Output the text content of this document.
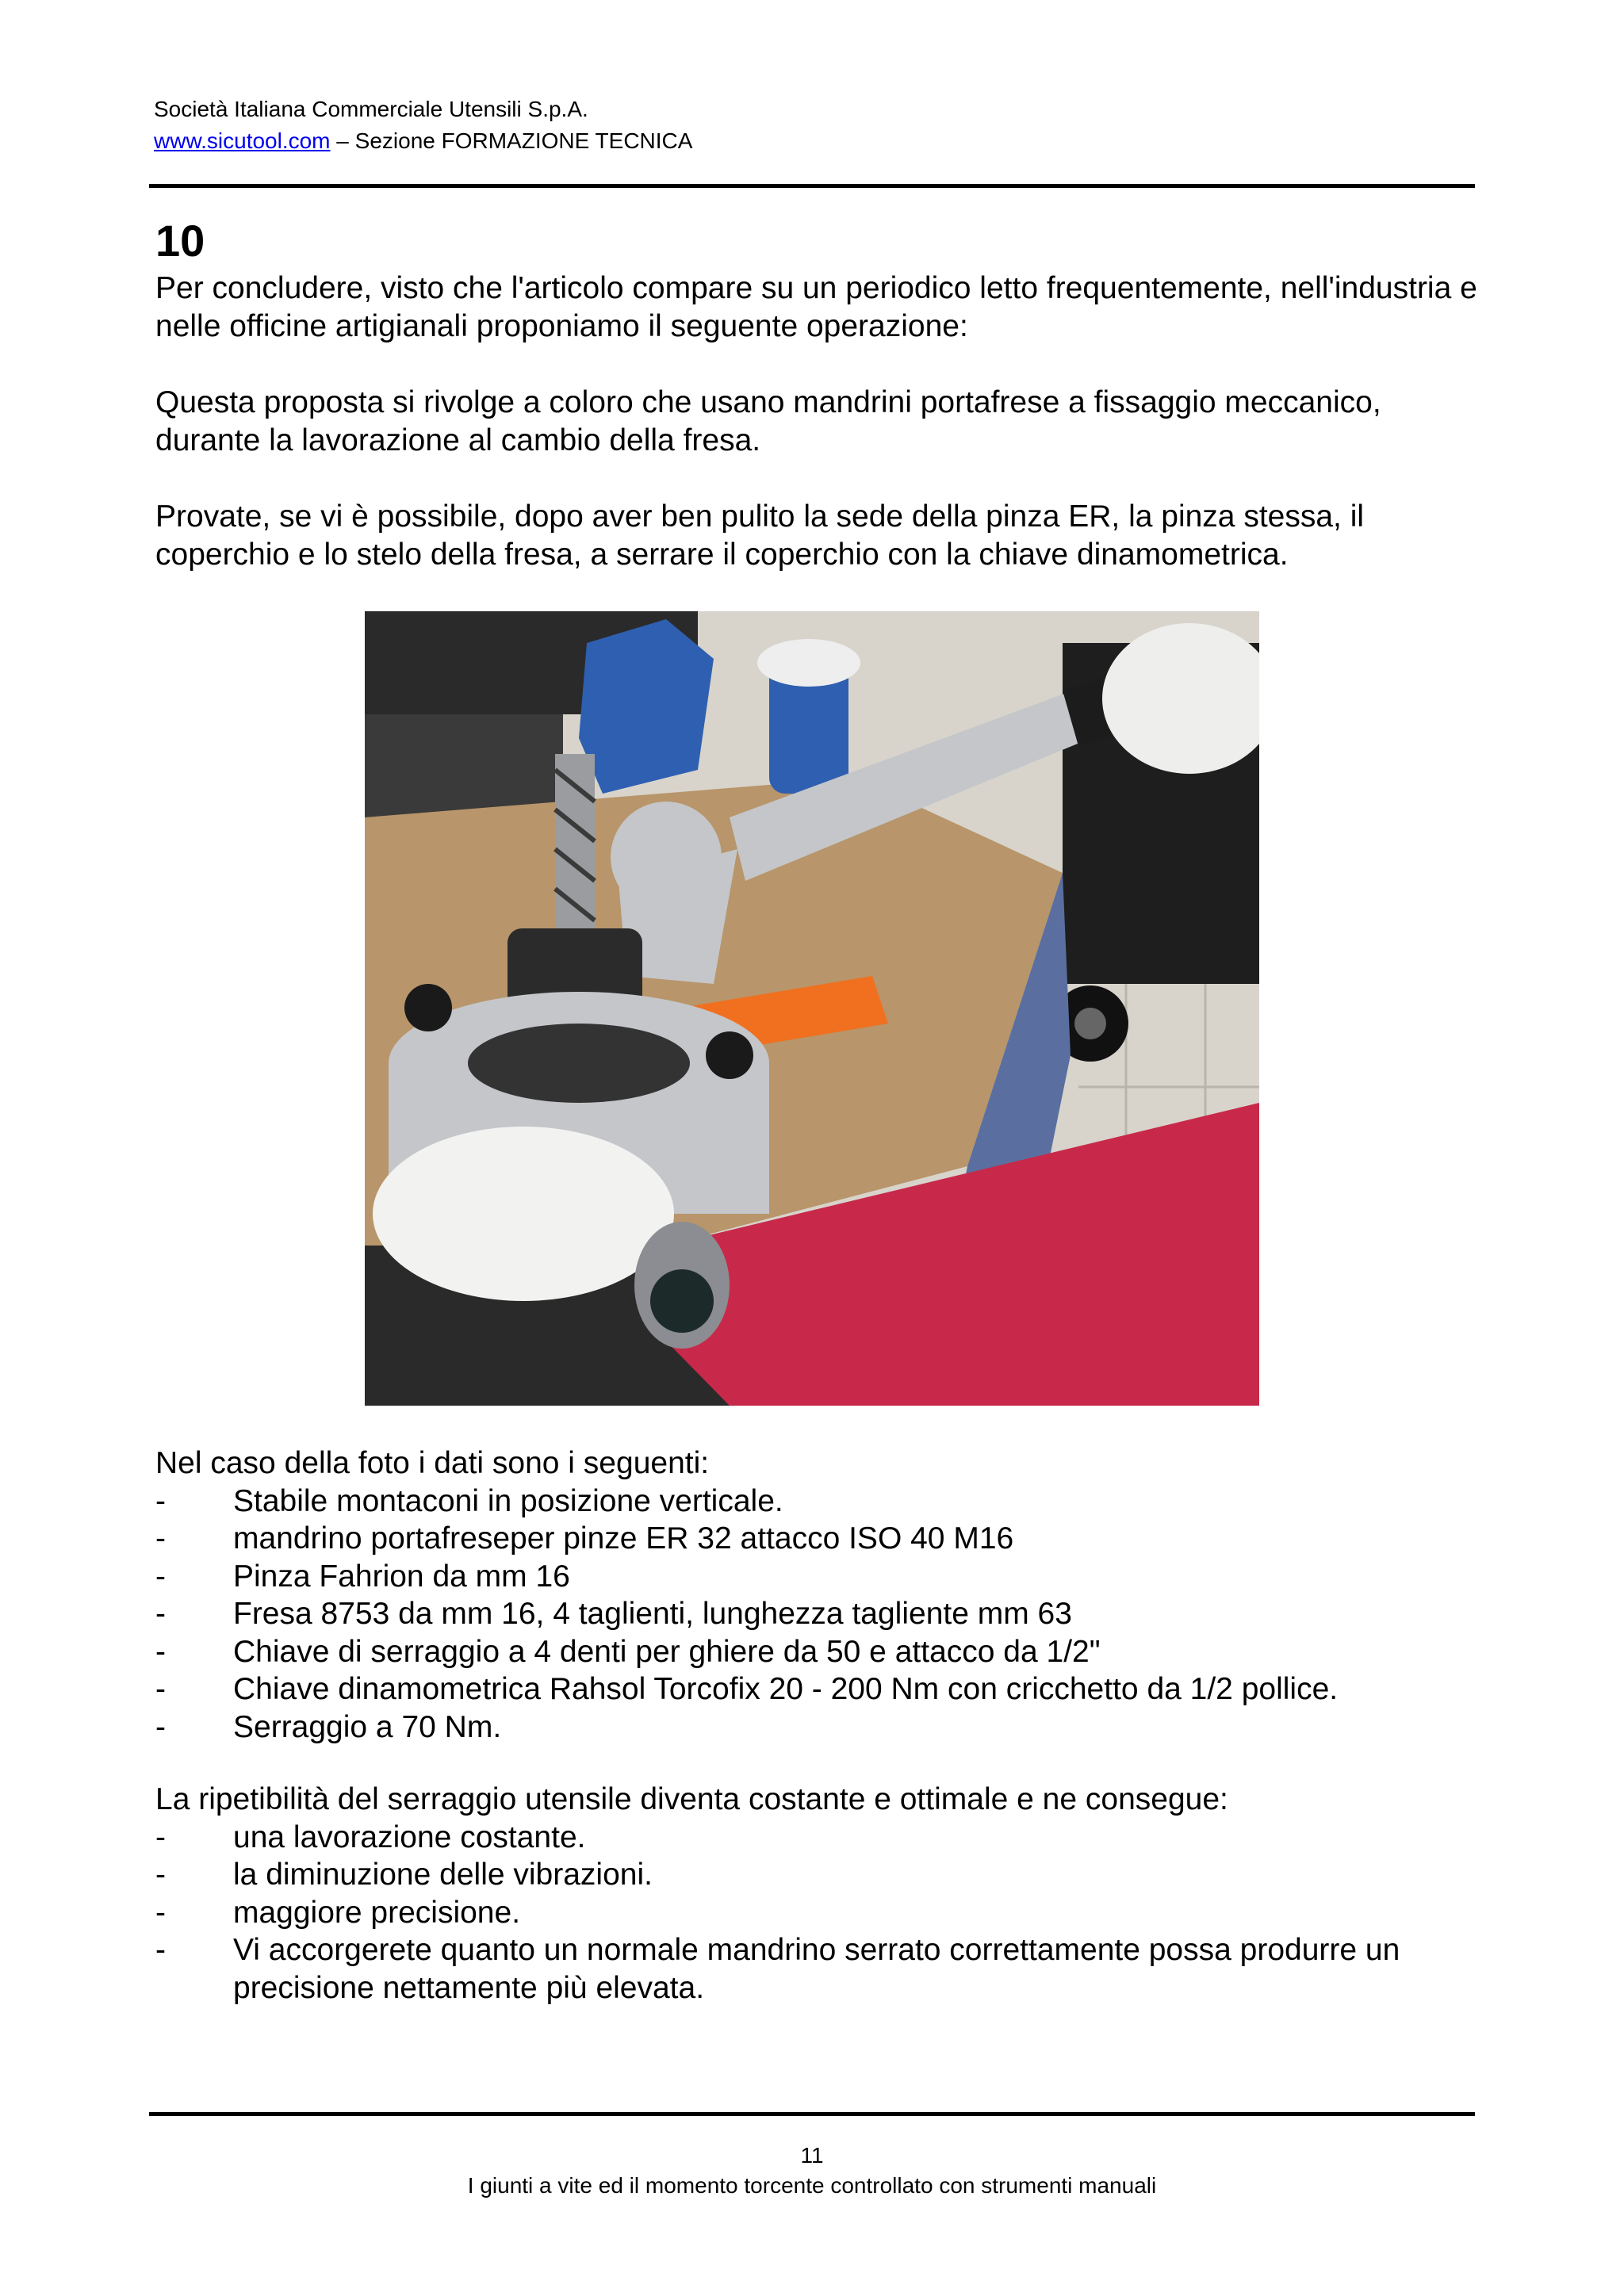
Società Italiana Commerciale Utensili S.p.A.
www.sicutool.com – Sezione FORMAZIONE TECNICA
10
Per concludere, visto che l'articolo compare su un periodico letto frequentemente, nell'industria e nelle officine artigianali proponiamo il seguente operazione:
Questa proposta si rivolge a coloro che usano mandrini portafrese a fissaggio meccanico, durante la lavorazione al cambio della fresa.
Provate, se vi è possibile, dopo aver ben pulito la sede della pinza ER, la pinza stessa, il coperchio e lo stelo della fresa, a serrare il coperchio con la chiave dinamometrica.

Nel caso della foto i dati sono i seguenti:

-	Stabile montaconi in posizione verticale.
-	mandrino portafreseper pinze ER 32 attacco ISO 40 M16
-	Pinza Fahrion da mm 16
-	Fresa 8753 da mm 16, 4 taglienti, lunghezza tagliente mm 63
-	Chiave di serraggio a 4 denti per ghiere da 50 e attacco da 1/2"
-	Chiave dinamometrica Rahsol Torcofix 20 - 200 Nm con cricchetto da 1/2 pollice.
-	Serraggio a 70 Nm.

La ripetibilità del serraggio utensile diventa costante e ottimale e ne consegue:

-	una lavorazione costante.
-	la diminuzione delle vibrazioni.
-	maggiore precisione.
-	Vi accorgerete quanto un normale mandrino serrato correttamente possa produrre un precisione nettamente più elevata.
11
I giunti a vite ed il momento torcente controllato con strumenti manuali
